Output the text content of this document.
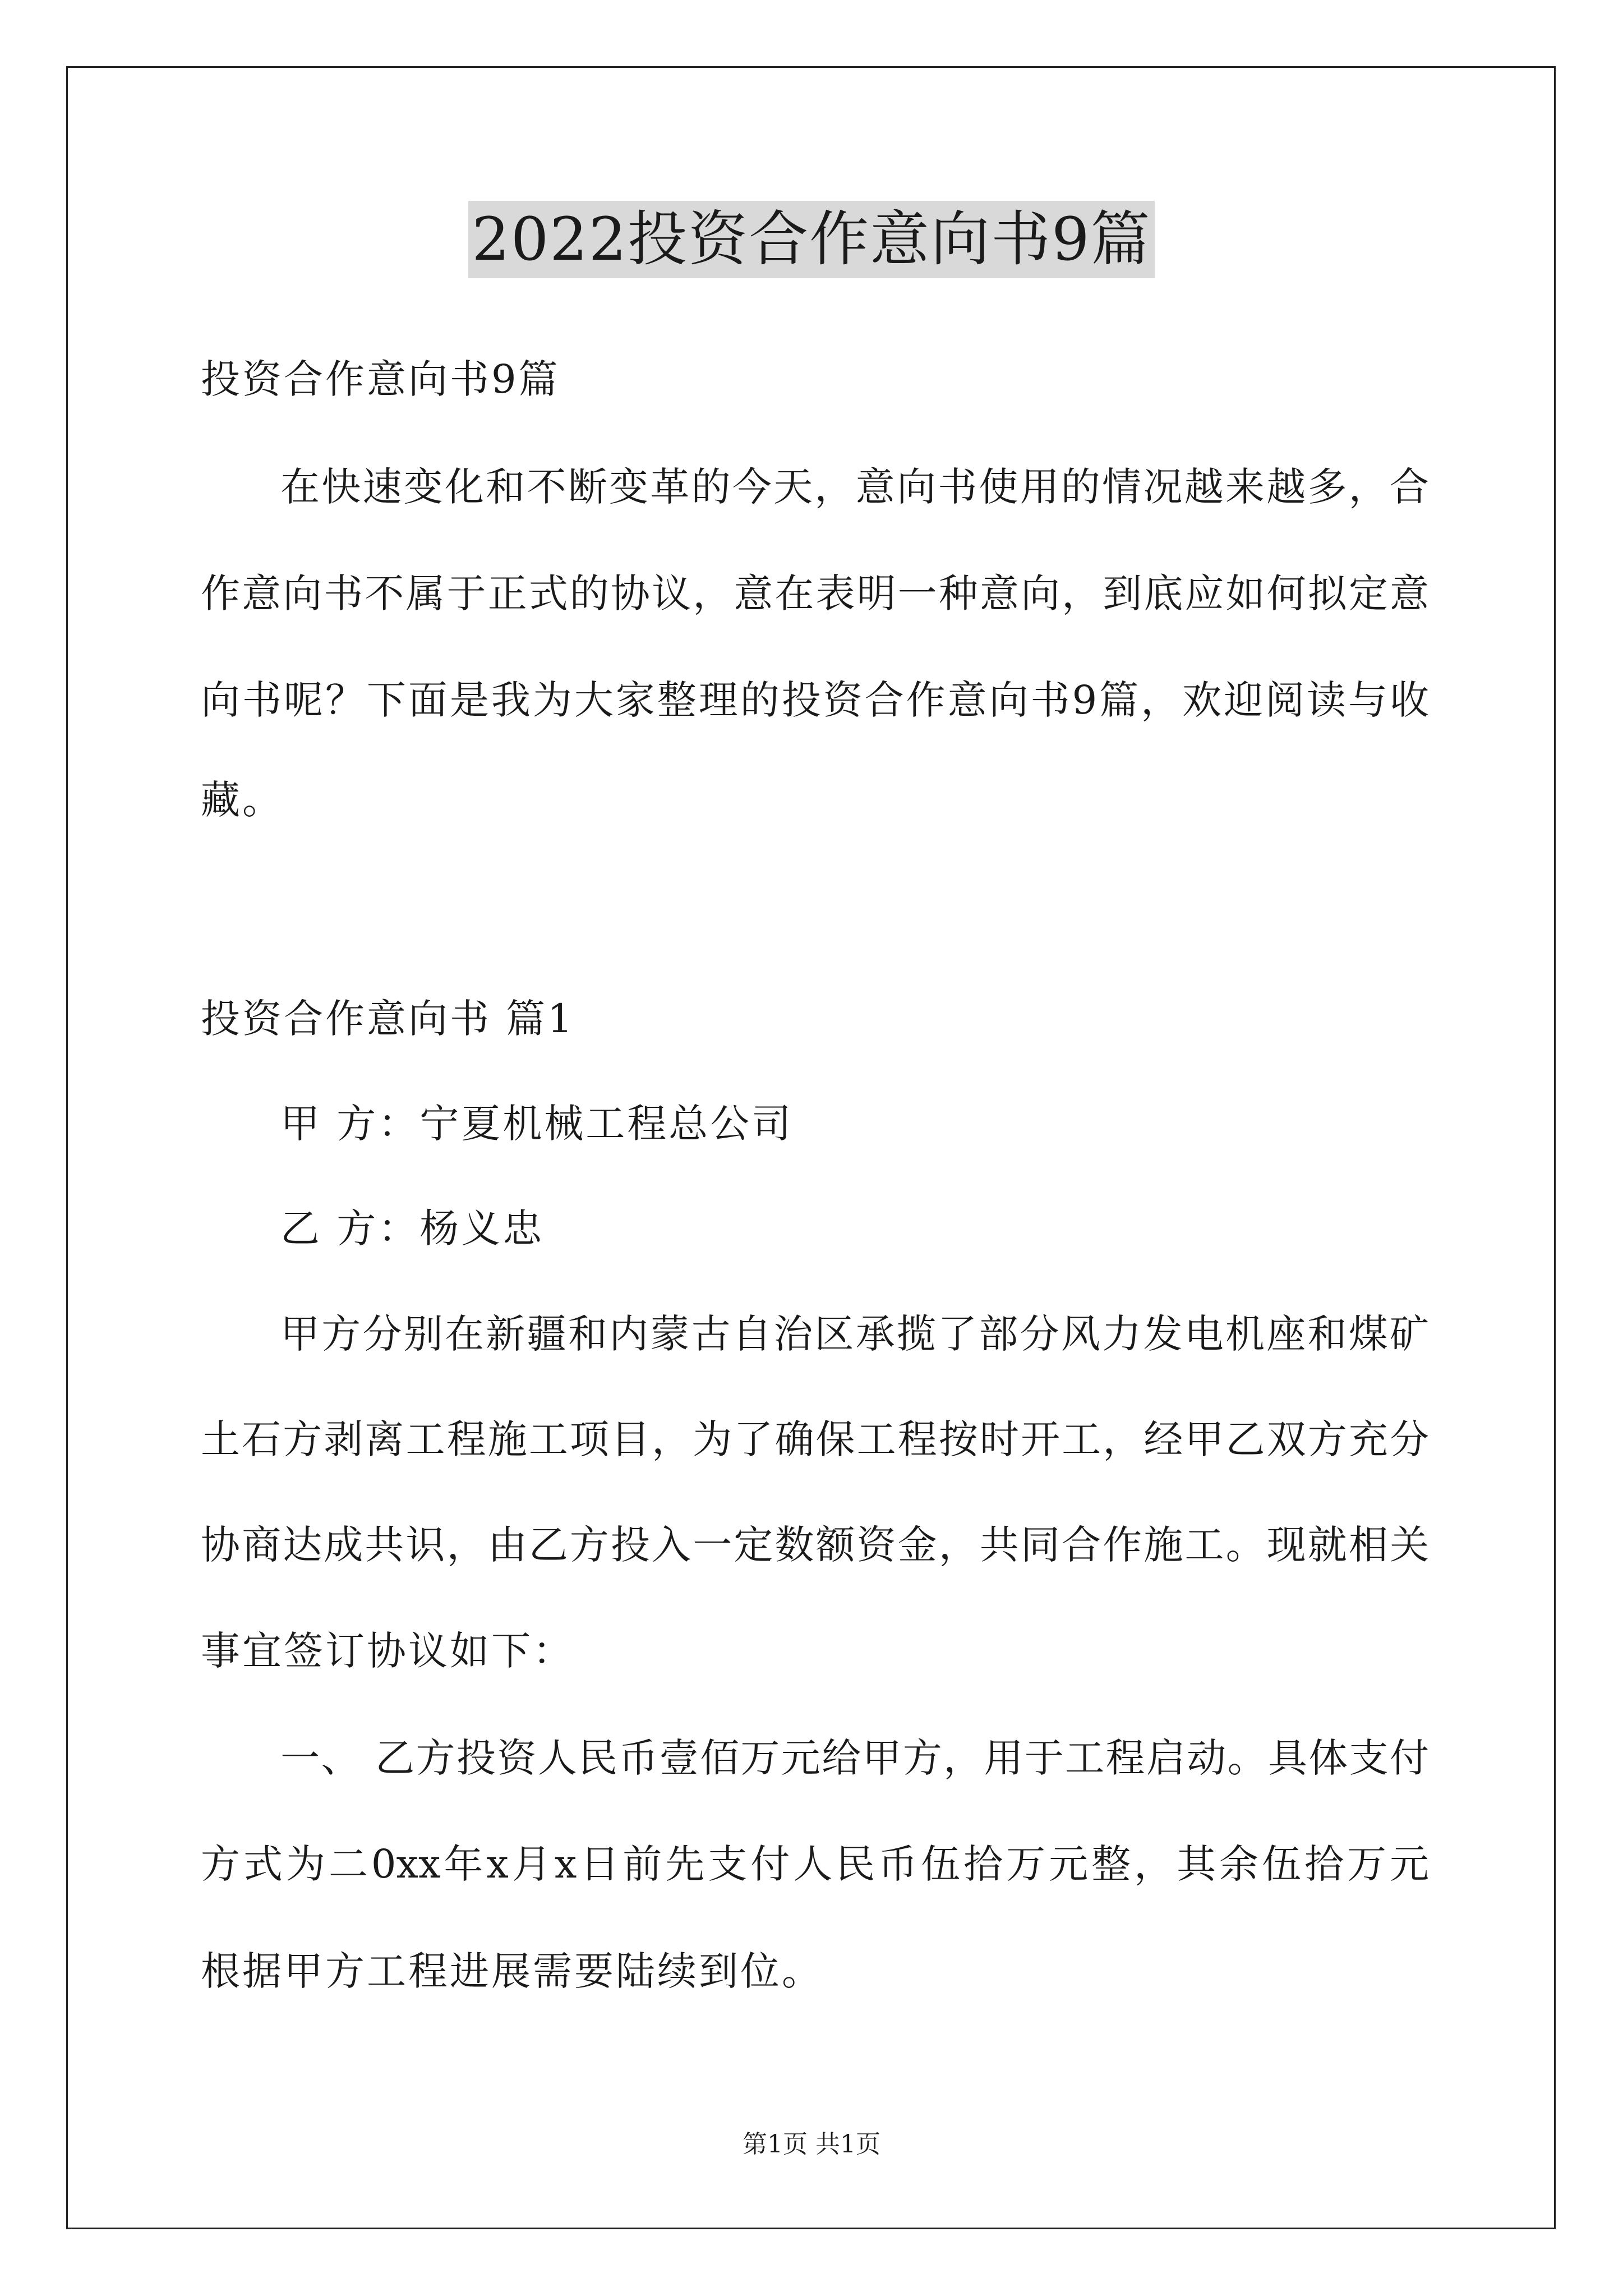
2022投资合作意向书9篇
投资合作意向书9篇
在快速变化和不断变革的今天，意向书使用的情况越来越多，合
作意向书不属于正式的协议，意在表明一种意向，到底应如何拟定意
向书呢？下面是我为大家整理的投资合作意向书9篇，欢迎阅读与收
藏。
投资合作意向书 篇1
甲 方：宁夏机械工程总公司
乙 方：杨义忠
甲方分别在新疆和内蒙古自治区承揽了部分风力发电机座和煤矿
土石方剥离工程施工项目，为了确保工程按时开工，经甲乙双方充分
协商达成共识，由乙方投入一定数额资金，共同合作施工。现就相关
事宜签订协议如下：
一、 乙方投资人民币壹佰万元给甲方，用于工程启动。具体支付
方式为二0xx年x月x日前先支付人民币伍拾万元整，其余伍拾万元
根据甲方工程进展需要陆续到位。
第1页 共1页
